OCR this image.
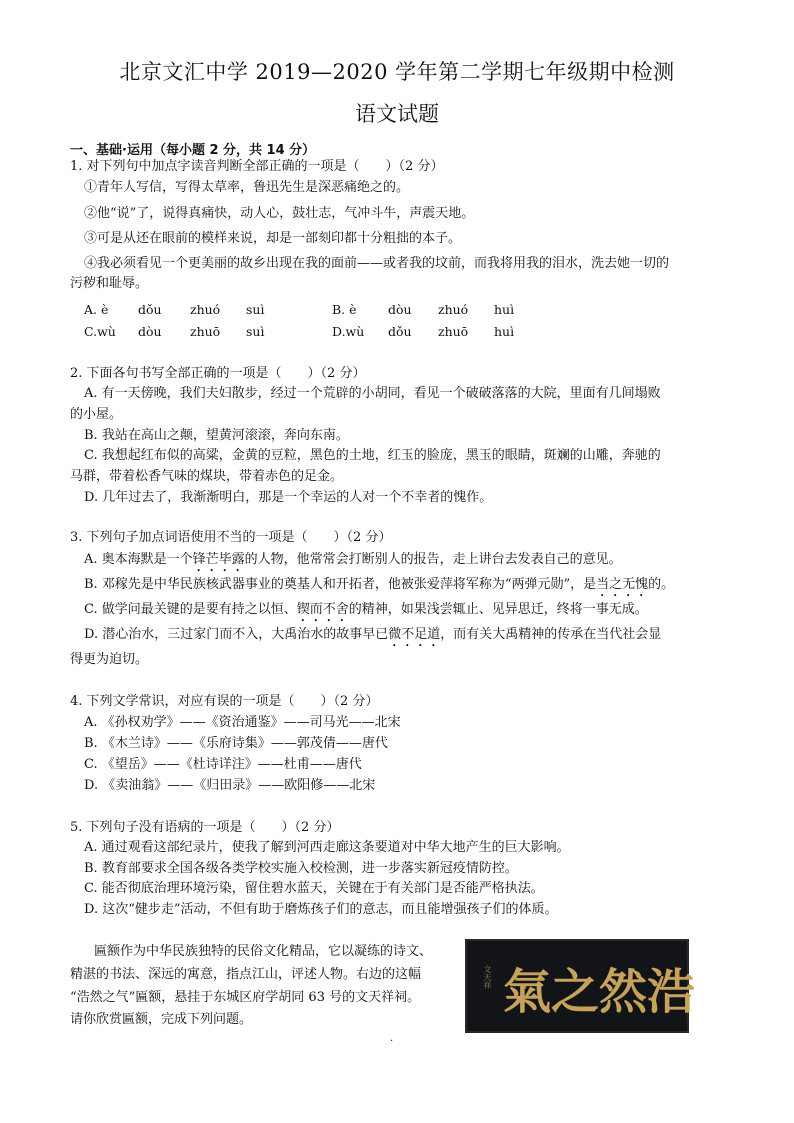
北京文汇中学 2019—2020 学年第二学期七年级期中检测
语文试题
一、基础·运用（每小题 2 分，共 14 分）
1. 对下列句中加点字读音判断全部正确的一项是（　　）（2 分）
①青年人写信，写得太草率，鲁迅先生是深恶痛绝之的。
②他“说”了，说得真痛快，动人心，鼓壮志，气冲斗牛，声震天地。
③可是从还在眼前的模样来说，却是一部刻印都十分粗拙的本子。
④我必须看见一个更美丽的故乡出现在我的面前——或者我的坟前，而我将用我的泪水，洗去她一切的
污秽和耻辱。
A. è dǒu zhuó suì	B. è	dòu zhuó huì
C.wù dòu zhuō suì	D.wù dǒu zhuō huì
2. 下面各句书写全部正确的一项是（　　）（2 分）
A. 有一天傍晚，我们夫妇散步，经过一个荒辟的小胡同，看见一个破破落落的大院，里面有几间塌败
的小屋。
B. 我站在高山之颠，望黄河滚滚，奔向东南。
C. 我想起红布似的高粱，金黄的豆粒，黑色的土地，红玉的脸庞，黑玉的眼睛，斑斓的山雕，奔驰的
马群，带着松香气味的煤块，带着赤色的足金。
D. 几年过去了，我渐渐明白，那是一个幸运的人对一个不幸者的愧作。
3. 下列句子加点词语使用不当的一项是（　　）（2 分）
A. 奥本海默是一个锋芒毕露的人物，他常常会打断别人的报告，走上讲台去发表自己的意见。
B. 邓稼先是中华民族核武器事业的奠基人和开拓者，他被张爱萍将军称为“两弹元勋”，是当之无愧的。
C. 做学问最关键的是要有持之以恒、锲而不舍的精神，如果浅尝辄止、见异思迁，终将一事无成。
D. 潜心治水，三过家门而不入，大禹治水的故事早已微不足道，而有关大禹精神的传承在当代社会显
得更为迫切。
4. 下列文学常识，对应有误的一项是（　　）（2 分）
A. 《孙权劝学》——《资治通鉴》——司马光——北宋
B. 《木兰诗》——《乐府诗集》——郭茂倩——唐代
C. 《望岳》——《杜诗详注》——杜甫——唐代
D. 《卖油翁》——《归田录》——欧阳修——北宋
5. 下列句子没有语病的一项是（　　）（2 分）
A. 通过观看这部纪录片，使我了解到河西走廊这条要道对中华大地产生的巨大影响。
B. 教育部要求全国各级各类学校实施入校检测，进一步落实新冠疫情防控。
C. 能否彻底治理环境污染，留住碧水蓝天，关键在于有关部门是否能严格执法。
D. 这次“健步走”活动，不但有助于磨炼孩子们的意志，而且能增强孩子们的体质。
匾额作为中华民族独特的民俗文化精品，它以凝练的诗文、
精湛的书法、深远的寓意，指点江山，评述人物。右边的这幅
“浩然之气”匾额，悬挂于东城区府学胡同 63 号的文天祥祠。
请你欣赏匾额，完成下列问题。
文天祥 氣 之 然 浩
·
